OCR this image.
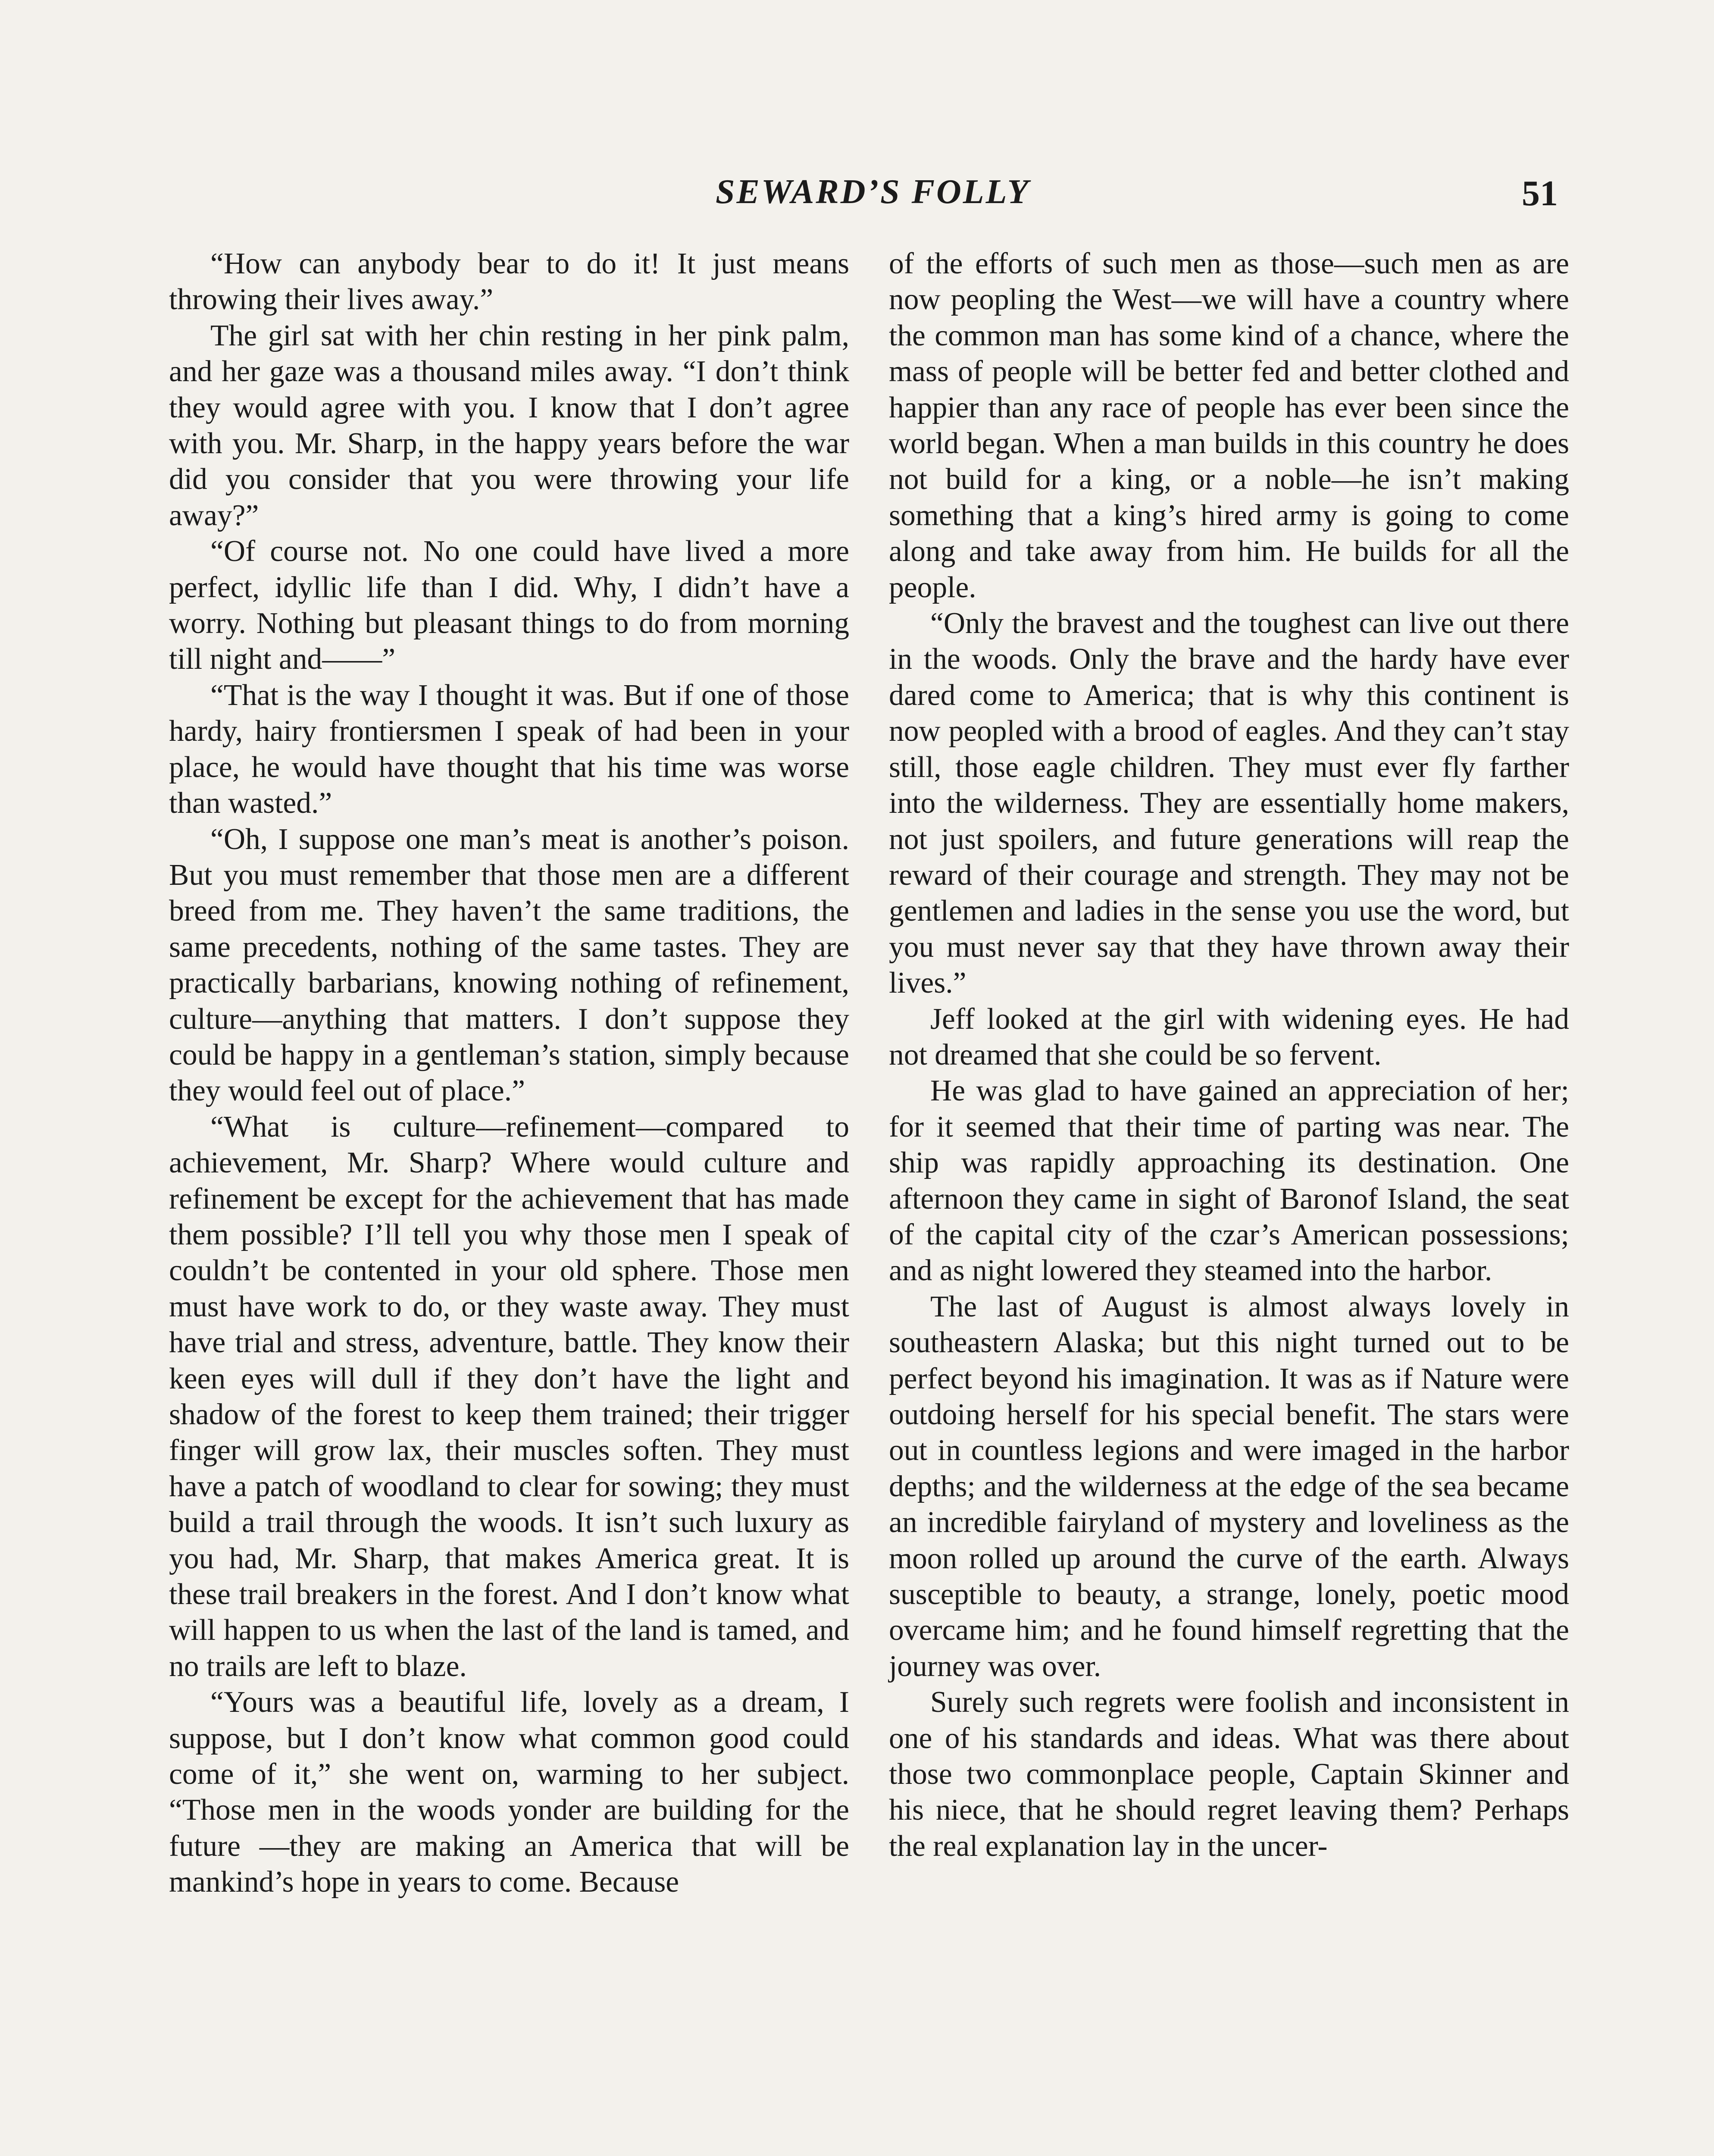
SEWARD’S FOLLY	51

“How can anybody bear to do it! It just means throwing their lives away.”

The girl sat with her chin resting in her pink palm, and her gaze was a thousand miles away. “I don’t think they would agree with you. I know that I don’t agree with you. Mr. Sharp, in the happy years before the war did you consider that you were throwing your life away?”

“Of course not. No one could have lived a more perfect, idyllic life than I did. Why, I didn’t have a worry. Nothing but pleasant things to do from morning till night and——”

“That is the way I thought it was. But if one of those hardy, hairy frontiersmen I speak of had been in your place, he would have thought that his time was worse than wasted.”

“Oh, I suppose one man’s meat is another’s poison. But you must remember that those men are a different breed from me. They haven’t the same traditions, the same precedents, nothing of the same tastes. They are practically barbarians, knowing nothing of refinement, culture—anything that matters. I don’t suppose they could be happy in a gentleman’s station, simply because they would feel out of place.”

“What is culture—refinement—compared to achievement, Mr. Sharp? Where would culture and refinement be except for the achievement that has made them possible? I’ll tell you why those men I speak of couldn’t be contented in your old sphere. Those men must have work to do, or they waste away. They must have trial and stress, adventure, battle. They know their keen eyes will dull if they don’t have the light and shadow of the forest to keep them trained; their trigger finger will grow lax, their muscles soften. They must have a patch of woodland to clear for sowing; they must build a trail through the woods. It isn’t such luxury as you had, Mr. Sharp, that makes America great. It is these trail breakers in the forest. And I don’t know what will happen to us when the last of the land is tamed, and no trails are left to blaze.

“Yours was a beautiful life, lovely as a dream, I suppose, but I don’t know what common good could come of it,” she went on, warming to her subject. “Those men in the woods yonder are building for the future —they are making an America that will be mankind’s hope in years to come. Because

of the efforts of such men as those—such men as are now peopling the West—we will have a country where the common man has some kind of a chance, where the mass of people will be better fed and better clothed and happier than any race of people has ever been since the world began. When a man builds in this country he does not build for a king, or a noble—he isn’t making something that a king’s hired army is going to come along and take away from him. He builds for all the people.

“Only the bravest and the toughest can live out there in the woods. Only the brave and the hardy have ever dared come to America; that is why this continent is now peopled with a brood of eagles. And they can’t stay still, those eagle children. They must ever fly farther into the wilderness. They are essentially home makers, not just spoilers, and future generations will reap the reward of their courage and strength. They may not be gentlemen and ladies in the sense you use the word, but you must never say that they have thrown away their lives.”

Jeff looked at the girl with widening eyes. He had not dreamed that she could be so fervent.

He was glad to have gained an appreciation of her; for it seemed that their time of parting was near. The ship was rapidly approaching its destination. One afternoon they came in sight of Baronof Island, the seat of the capital city of the czar’s American possessions; and as night lowered they steamed into the harbor.

The last of August is almost always lovely in southeastern Alaska; but this night turned out to be perfect beyond his imagination. It was as if Nature were outdoing herself for his special benefit. The stars were out in countless legions and were imaged in the harbor depths; and the wilderness at the edge of the sea became an incredible fairyland of mystery and loveliness as the moon rolled up around the curve of the earth. Always susceptible to beauty, a strange, lonely, poetic mood overcame him; and he found himself regretting that the journey was over.

Surely such regrets were foolish and inconsistent in one of his standards and ideas. What was there about those two commonplace people, Captain Skinner and his niece, that he should regret leaving them? Perhaps the real explanation lay in the uncer-
